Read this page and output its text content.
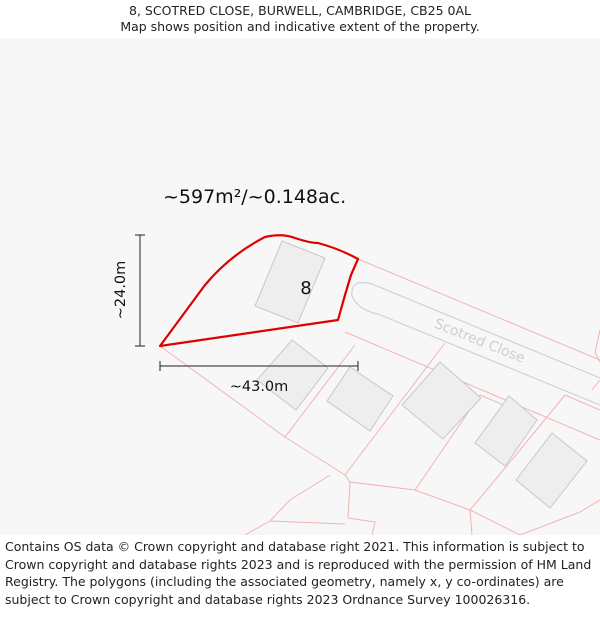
8, SCOTRED CLOSE, BURWELL, CAMBRIDGE, CB25 0AL
Map shows position and indicative extent of the property.
~597m²/~0.148ac.
8
Scotred Close
~24.0m
~43.0m
Contains OS data © Crown copyright and database right 2021. This information is subject to Crown copyright and database rights 2023 and is reproduced with the permission of HM Land Registry. The polygons (including the associated geometry, namely x, y co-ordinates) are subject to Crown copyright and database rights 2023 Ordnance Survey 100026316.
